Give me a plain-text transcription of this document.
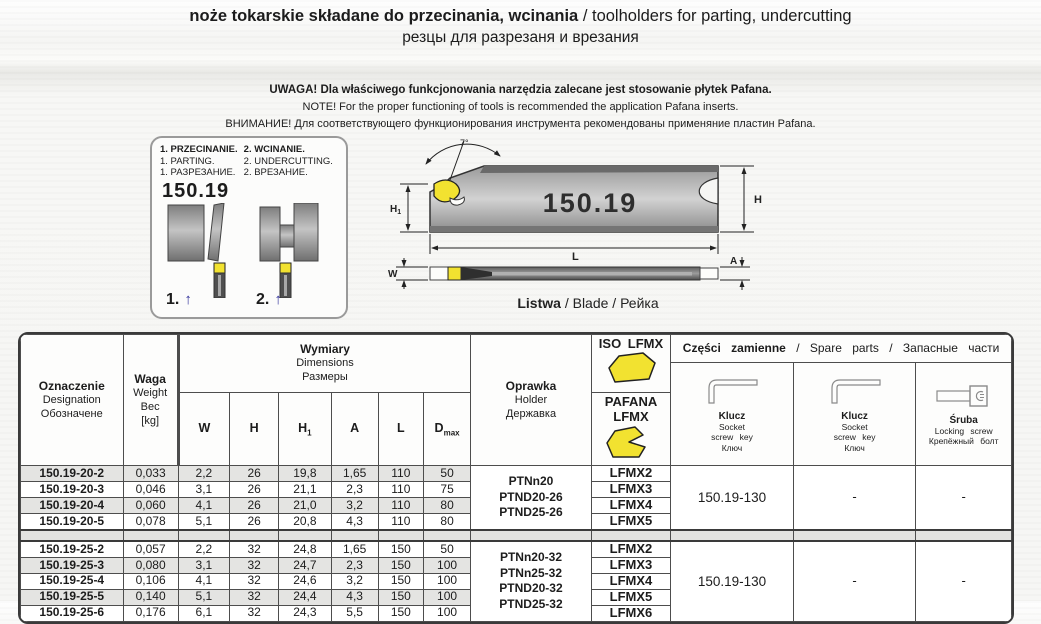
noże tokarskie składane do przecinania, wcinania / toolholders for parting, undercutting
резцы для разрезаня и врезания
UWAGA! Dla właściwego funkcjonowania narzędzia zalecane jest stosowanie płytek Pafana.
NOTE! For the proper functioning of tools is recommended the application Pafana inserts.
ВНИМАНИЕ! Для соответствующего функционирования инструмента рекомендованы применяние пластин Pafana.
1. PRZECINANIE. 2. WCINANIE.
1. PARTING.	2. UNDERCUTTING.
1. РАЗРЕЗАНИЕ. 2. ВРЕЗАНИЕ.
150.19
1. ↑	2. ↑
150.19
7°
$H_1$
H
L
W
A
Listwa / Blade / Рейка
Oznaczenie
Designation
Обозначене

Waga
Weight
Вес
[kg]

Wymiary
Dimensions
Размеры

Oprawka
Holder
Державка

ISO LFMX	Części zamienne / Spare parts / Запасные части

Klucz
Socket
screw key
Ключ

Klucz
Socket
screw key
Ключ

Śruba
Locking screw
Крепёжный болт

									PAFANA LFMX			

		W	H	$H_1$	A	L	$D_{max}$
150.19-20-2	0,033	2,2	26	19,8	1,65	110	50	PTNn20
PTND20-26
PTND25-26	LFMX2	150.19-130	-	-
150.19-20-3	0,046	3,1	26	21,1	2,3	110	75		LFMX3			
150.19-20-4	0,060	4,1	26	21,0	3,2	110	80		LFMX4			
150.19-20-5	0,078	5,1	26	20,8	4,3	110	80		LFMX5			

150.19-25-2	0,057	2,2	32	24,8	1,65	150	50	PTNn20-32
PTNn25-32
PTND20-32
PTND25-32	LFMX2	150.19-130	-	-
150.19-25-3	0,080	3,1	32	24,7	2,3	150	100		LFMX3			
150.19-25-4	0,106	4,1	32	24,6	3,2	150	100		LFMX4			
150.19-25-5	0,140	5,1	32	24,4	4,3	150	100		LFMX5			
150.19-25-6	0,176	6,1	32	24,3	5,5	150	100		LFMX6			
